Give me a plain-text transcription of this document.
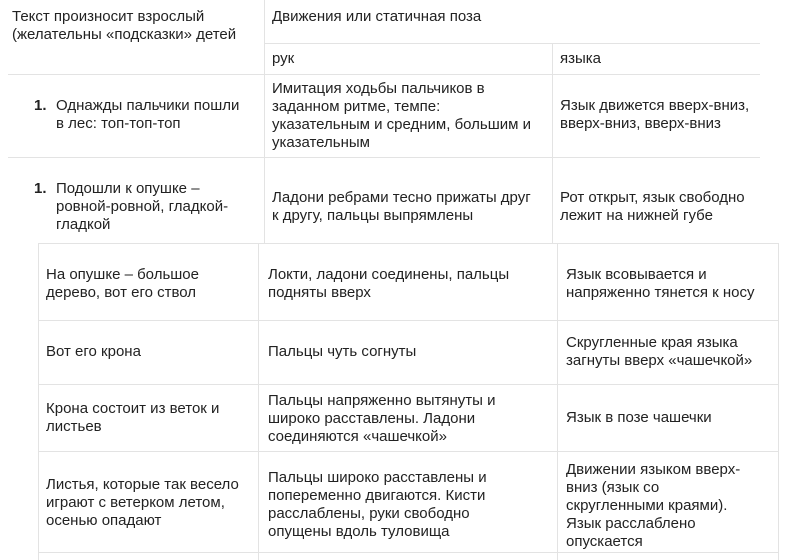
Текст произносит взрослый
(желательны «подсказки» детей
Движения или статичная поза
рук	языка
1. Однажды пальчики пошли
в лес: топ-топ-топ
Имитация ходьбы пальчиков в
заданном ритме, темпе:
указательным и средним, большим и
указательным
Язык движется вверх-вниз,
вверх-вниз, вверх-вниз
1. Подошли к опушке –
ровной-ровной, гладкой-
гладкой
Ладони ребрами тесно прижаты друг
к другу, пальцы выпрямлены
Рот открыт, язык свободно
лежит на нижней губе
На опушке – большое
дерево, вот его ствол
Локти, ладони соединены, пальцы
подняты вверх
Язык всовывается и
напряженно тянется к носу
Вот его крона	Пальцы чуть согнуты
Скругленные края языка
загнуты вверх «чашечкой»
Крона состоит из веток и
листьев
Пальцы напряженно вытянуты и
широко расставлены. Ладони
соединяются «чашечкой»
Язык в позе чашечки
Листья, которые так весело
играют с ветерком летом,
осенью опадают
Пальцы широко расставлены и
попеременно двигаются. Кисти
расслаблены, руки свободно
опущены вдоль туловища
Движении языком вверх-
вниз (язык со
скругленными краями).
Язык расслаблено
опускается
